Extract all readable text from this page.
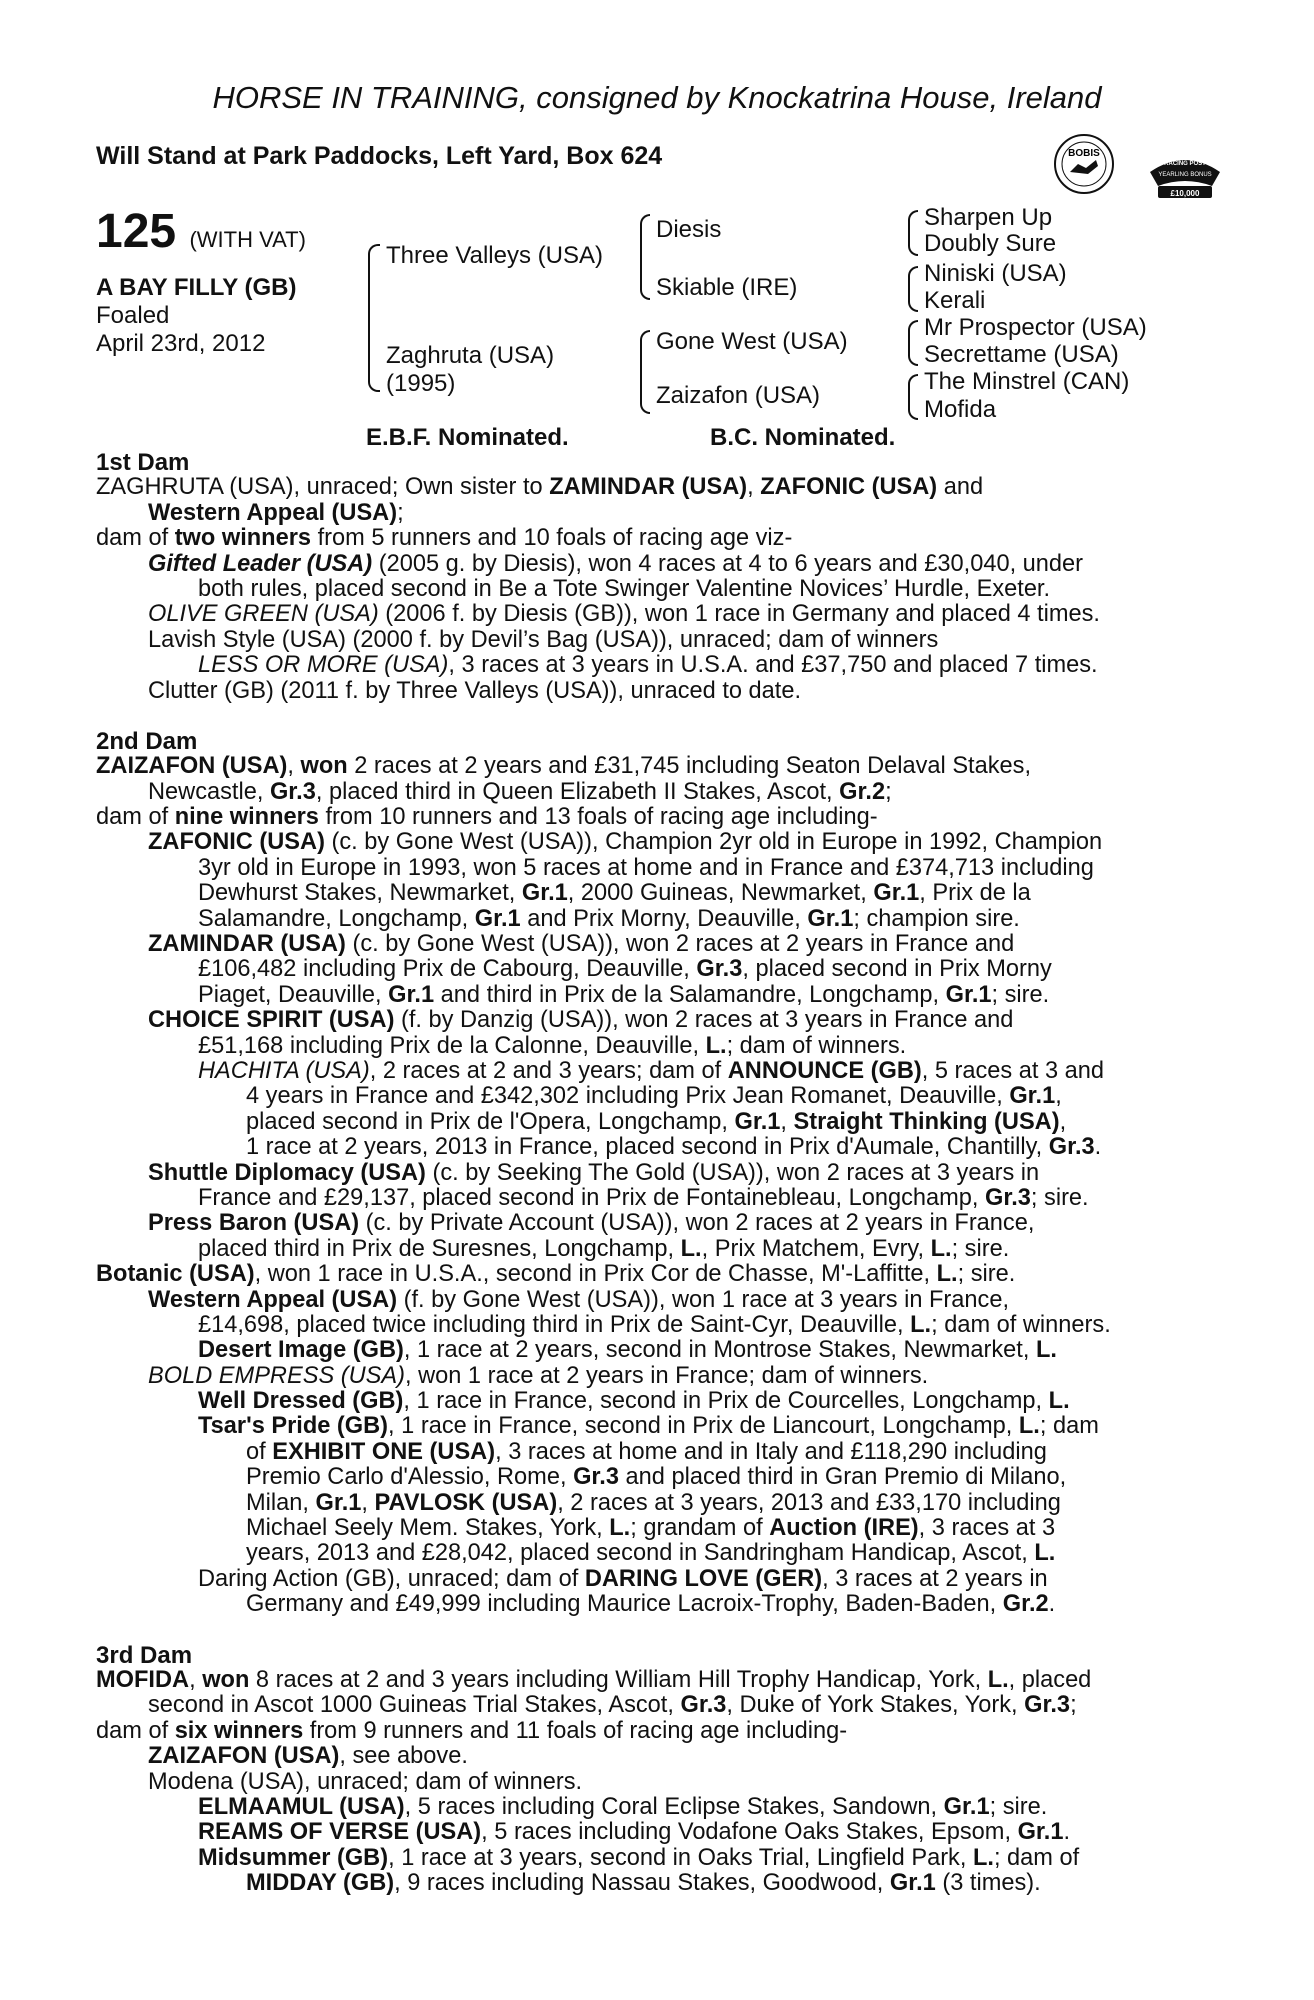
HORSE IN TRAINING, consigned by Knockatrina House, Ireland
Will Stand at Park Paddocks, Left Yard, Box 624	BOBIS
RACING POST
YEARLING BONUS
£10,000
125 (WITH VAT)
A BAY FILLY (GB)
Foaled
April 23rd, 2012
Three Valleys (USA)
Zaghruta (USA)
(1995)
Diesis
Skiable (IRE)
Gone West (USA)
Zaizafon (USA)
Sharpen Up
Doubly Sure
Niniski (USA)
Kerali
Mr Prospector (USA)
Secrettame (USA)
The Minstrel (CAN)
Mofida
E.B.F. Nominated.	B.C. Nominated.
1st Dam
ZAGHRUTA (USA), unraced; Own sister to ZAMINDAR (USA), ZAFONIC (USA) and
Western Appeal (USA);
dam of two winners from 5 runners and 10 foals of racing age viz-
Gifted Leader (USA) (2005 g. by Diesis), won 4 races at 4 to 6 years and £30,040, under
both rules, placed second in Be a Tote Swinger Valentine Novices’ Hurdle, Exeter.
OLIVE GREEN (USA) (2006 f. by Diesis (GB)), won 1 race in Germany and placed 4 times.
Lavish Style (USA) (2000 f. by Devil’s Bag (USA)), unraced; dam of winners
LESS OR MORE (USA), 3 races at 3 years in U.S.A. and £37,750 and placed 7 times.
Clutter (GB) (2011 f. by Three Valleys (USA)), unraced to date.
2nd Dam
ZAIZAFON (USA), won 2 races at 2 years and £31,745 including Seaton Delaval Stakes,
Newcastle, Gr.3, placed third in Queen Elizabeth II Stakes, Ascot, Gr.2;
dam of nine winners from 10 runners and 13 foals of racing age including-
ZAFONIC (USA) (c. by Gone West (USA)), Champion 2yr old in Europe in 1992, Champion
3yr old in Europe in 1993, won 5 races at home and in France and £374,713 including
Dewhurst Stakes, Newmarket, Gr.1, 2000 Guineas, Newmarket, Gr.1, Prix de la
Salamandre, Longchamp, Gr.1 and Prix Morny, Deauville, Gr.1; champion sire.
ZAMINDAR (USA) (c. by Gone West (USA)), won 2 races at 2 years in France and
£106,482 including Prix de Cabourg, Deauville, Gr.3, placed second in Prix Morny
Piaget, Deauville, Gr.1 and third in Prix de la Salamandre, Longchamp, Gr.1; sire.
CHOICE SPIRIT (USA) (f. by Danzig (USA)), won 2 races at 3 years in France and
£51,168 including Prix de la Calonne, Deauville, L.; dam of winners.
HACHITA (USA), 2 races at 2 and 3 years; dam of ANNOUNCE (GB), 5 races at 3 and
4 years in France and £342,302 including Prix Jean Romanet, Deauville, Gr.1,
placed second in Prix de l'Opera, Longchamp, Gr.1, Straight Thinking (USA),
1 race at 2 years, 2013 in France, placed second in Prix d'Aumale, Chantilly, Gr.3.
Shuttle Diplomacy (USA) (c. by Seeking The Gold (USA)), won 2 races at 3 years in
France and £29,137, placed second in Prix de Fontainebleau, Longchamp, Gr.3; sire.
Press Baron (USA) (c. by Private Account (USA)), won 2 races at 2 years in France,
placed third in Prix de Suresnes, Longchamp, L., Prix Matchem, Evry, L.; sire.
Botanic (USA), won 1 race in U.S.A., second in Prix Cor de Chasse, M'-Laffitte, L.; sire.
Western Appeal (USA) (f. by Gone West (USA)), won 1 race at 3 years in France,
£14,698, placed twice including third in Prix de Saint-Cyr, Deauville, L.; dam of winners.
Desert Image (GB), 1 race at 2 years, second in Montrose Stakes, Newmarket, L.
BOLD EMPRESS (USA), won 1 race at 2 years in France; dam of winners.
Well Dressed (GB), 1 race in France, second in Prix de Courcelles, Longchamp, L.
Tsar's Pride (GB), 1 race in France, second in Prix de Liancourt, Longchamp, L.; dam
of EXHIBIT ONE (USA), 3 races at home and in Italy and £118,290 including
Premio Carlo d'Alessio, Rome, Gr.3 and placed third in Gran Premio di Milano,
Milan, Gr.1, PAVLOSK (USA), 2 races at 3 years, 2013 and £33,170 including
Michael Seely Mem. Stakes, York, L.; grandam of Auction (IRE), 3 races at 3
years, 2013 and £28,042, placed second in Sandringham Handicap, Ascot, L.
Daring Action (GB), unraced; dam of DARING LOVE (GER), 3 races at 2 years in
Germany and £49,999 including Maurice Lacroix-Trophy, Baden-Baden, Gr.2.
3rd Dam
MOFIDA, won 8 races at 2 and 3 years including William Hill Trophy Handicap, York, L., placed
second in Ascot 1000 Guineas Trial Stakes, Ascot, Gr.3, Duke of York Stakes, York, Gr.3;
dam of six winners from 9 runners and 11 foals of racing age including-
ZAIZAFON (USA), see above.
Modena (USA), unraced; dam of winners.
ELMAAMUL (USA), 5 races including Coral Eclipse Stakes, Sandown, Gr.1; sire.
REAMS OF VERSE (USA), 5 races including Vodafone Oaks Stakes, Epsom, Gr.1.
Midsummer (GB), 1 race at 3 years, second in Oaks Trial, Lingfield Park, L.; dam of
MIDDAY (GB), 9 races including Nassau Stakes, Goodwood, Gr.1 (3 times).
